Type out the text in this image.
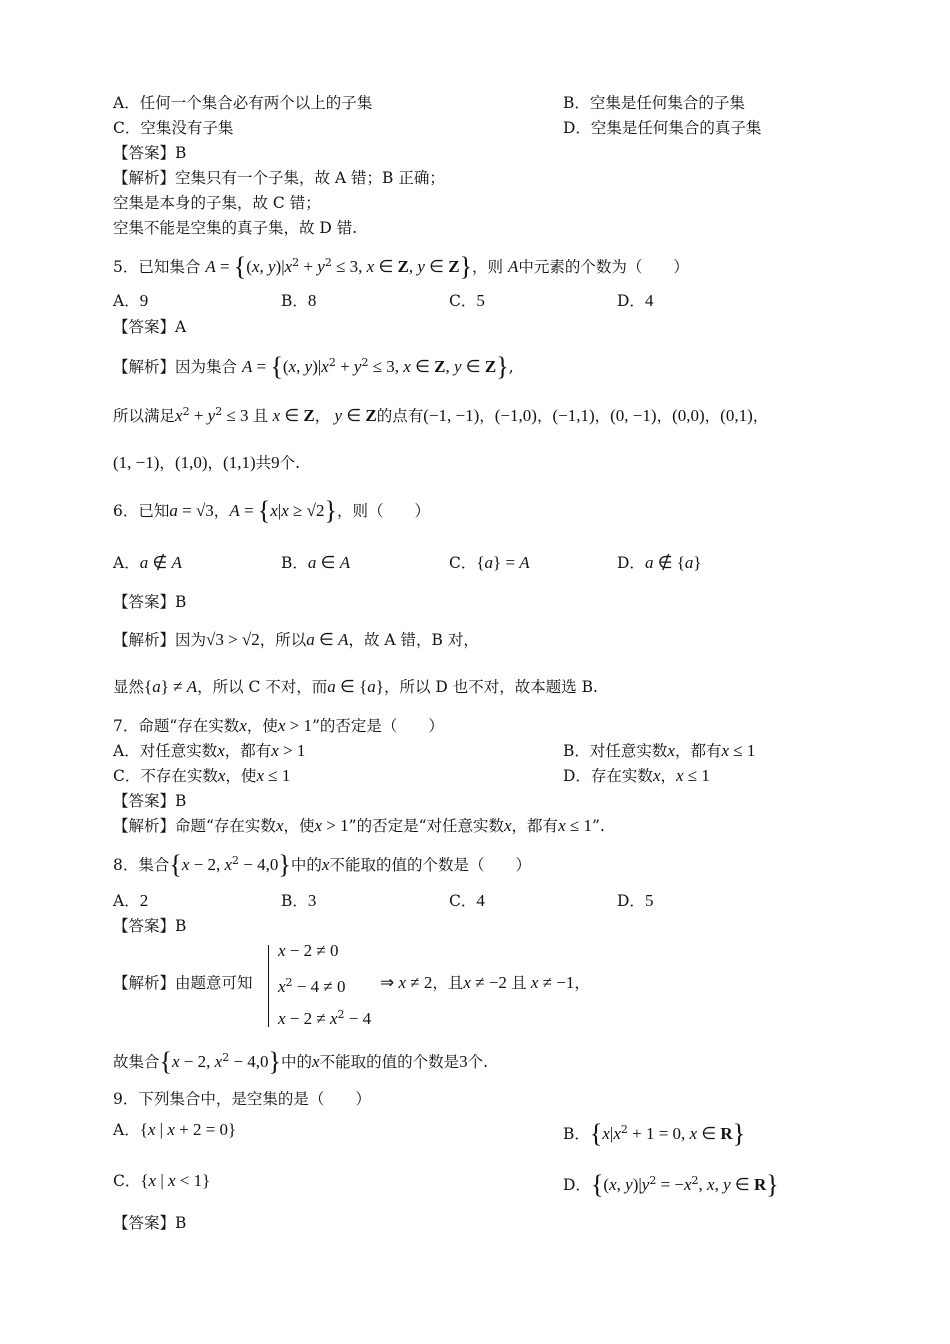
A．任何一个集合必有两个以上的子集	B．空集是任何集合的子集
C．空集没有子集	D．空集是任何集合的真子集
【答案】B
【解析】空集只有一个子集，故 A 错；B 正确；
空集是本身的子集，故 C 错；
空集不能是空集的真子集，故 D 错.
5．已知集合 A = {(x, $y)|x^2 + y^2 \le 3$, x ∈ Z, y ∈ Z}，则 A中元素的个数为（　　）
A．9	B．8	C．5	D．4
【答案】A
【解析】因为集合 A = {(x, $y)|x^2 + y^2 \le 3$, x ∈ Z, y ∈ Z},
所以满足$x^2 + y^2 \le 3$ 且 x ∈ Z， y ∈ Z的点有(−1, −1)，(−1,0)，(−1,1)，(0, −1)，(0,0)，(0,1)，
(1, −1)，(1,0)，(1,1)共9个.
6．已知a = √3，A = {x|x ≥ √2}，则（　　）
A．a ∉ A	B．a ∈ A	C．{a} = A	D．a ∉ {a}
【答案】B
【解析】因为√3 > √2，所以a ∈ A，故 A 错，B 对，
显然{a} ≠ A，所以 C 不对，而a ∈ {a}，所以 D 也不对，故本题选 B.
7．命题“存在实数x，使x > 1”的否定是（　　）
A．对任意实数x，都有x > 1	B．对任意实数x，都有x ≤ 1
C．不存在实数x，使x ≤ 1	D．存在实数x，x ≤ 1
【答案】B
【解析】命题“存在实数x，使x > 1”的否定是“对任意实数x，都有x ≤ 1”.
8．集合{x − 2, $x^2 - 4,0$}中的x不能取的值的个数是（　　）
A．2	B．3	C．4	D．5
【答案】B
x − 2 ≠ 0
【解析】由题意可知 $x^2 - 4 \ne 0$ ⇒ x ≠ 2，且x ≠ −2 且 x ≠ −1，
$x - 2 \ne x^2 - 4$
故集合{x − 2, $x^2 - 4,0$}中的x不能取的值的个数是3个.
9．下列集合中，是空集的是（　　）
A．{x | x + 2 = 0}	B．{$x|x^2 + 1 = 0$, x ∈ R}
C．{x | x < 1}	D．{(x, $y)|y^2 = -x^2$, x, y ∈ R}
【答案】B
